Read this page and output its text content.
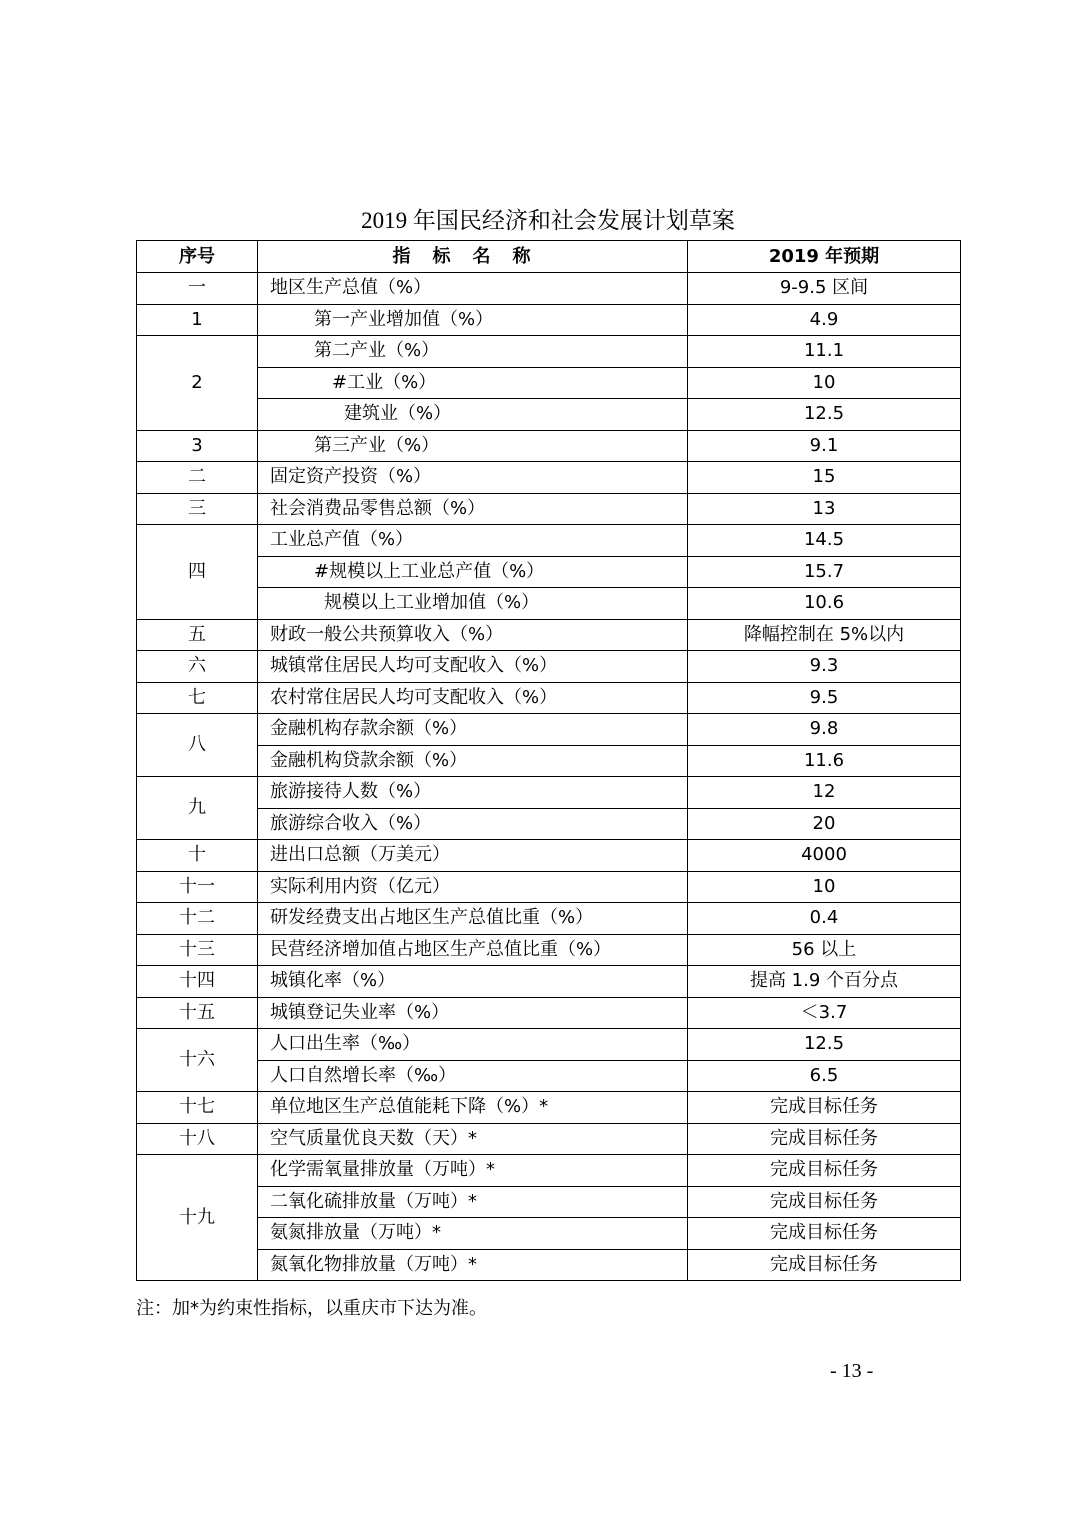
2019 年国民经济和社会发展计划草案
序号	指标名称	2019 年预期
一	地区生产总值（%）	9-9.5 区间
1	第一产业增加值（%）	4.9
2	第二产业（%）	11.1
	#工业（%）	10
	建筑业（%）	12.5
3	第三产业（%）	9.1
二	固定资产投资（%）	15
三	社会消费品零售总额（%）	13
四	工业总产值（%）	14.5
	#规模以上工业总产值（%）	15.7
	规模以上工业增加值（%）	10.6
五	财政一般公共预算收入（%）	降幅控制在 5%以内
六	城镇常住居民人均可支配收入（%）	9.3
七	农村常住居民人均可支配收入（%）	9.5
八	金融机构存款余额（%）	9.8
	金融机构贷款余额（%）	11.6
九	旅游接待人数（%）	12
	旅游综合收入（%）	20
十	进出口总额（万美元）	4000
十一	实际利用内资（亿元）	10
十二	研发经费支出占地区生产总值比重（%）	0.4
十三	民营经济增加值占地区生产总值比重（%）	56 以上
十四	城镇化率（%）	提高 1.9 个百分点
十五	城镇登记失业率（%）	＜3.7
十六	人口出生率（‰）	12.5
	人口自然增长率（‰）	6.5
十七	单位地区生产总值能耗下降（%）*	完成目标任务
十八	空气质量优良天数（天）*	完成目标任务
十九	化学需氧量排放量（万吨）*	完成目标任务
	二氧化硫排放量（万吨）*	完成目标任务
	氨氮排放量（万吨）*	完成目标任务
	氮氧化物排放量（万吨）*	完成目标任务
注：加*为约束性指标，以重庆市下达为准。
- 13 -
